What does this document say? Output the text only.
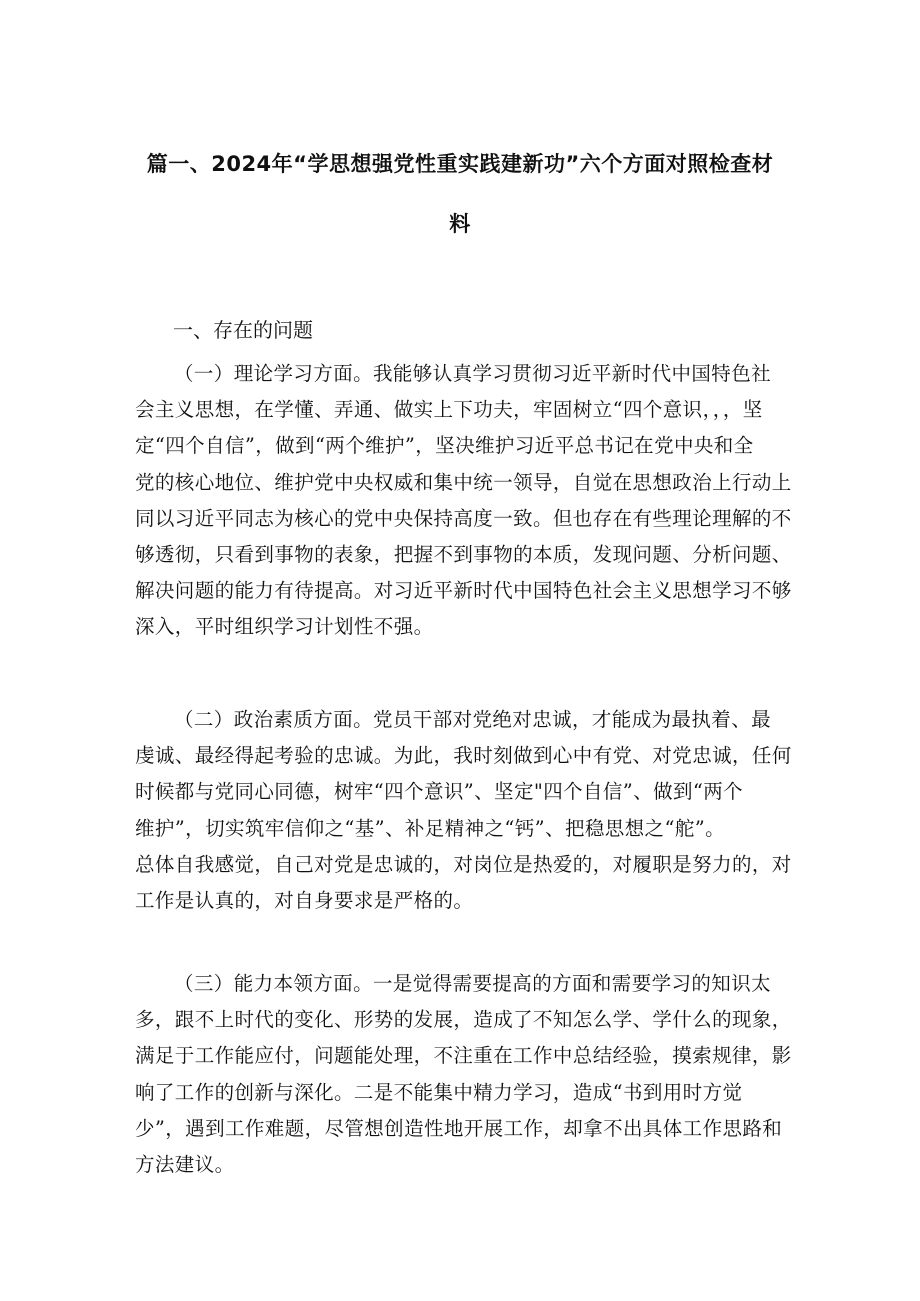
篇一、2024年“学思想强党性重实践建新功”六个方面对照检查材
料
一、存在的问题
（一）理论学习方面。我能够认真学习贯彻习近平新时代中国特色社
会主义思想，在学懂、弄通、做实上下功夫，牢固树立“四个意识，，，坚
定“四个自信”，做到“两个维护”，坚决维护习近平总书记在党中央和全
党的核心地位、维护党中央权威和集中统一领导，自觉在思想政治上行动上
同以习近平同志为核心的党中央保持高度一致。但也存在有些理论理解的不
够透彻，只看到事物的表象，把握不到事物的本质，发现问题、分析问题、
解决问题的能力有待提高。对习近平新时代中国特色社会主义思想学习不够
深入，平时组织学习计划性不强。
（二）政治素质方面。党员干部对党绝对忠诚，才能成为最执着、最
虔诚、最经得起考验的忠诚。为此，我时刻做到心中有党、对党忠诚，任何
时候都与党同心同德，树牢“四个意识”、坚定"四个自信”、做到“两个
维护”，切实筑牢信仰之“基”、补足精神之“钙”、把稳思想之“舵”。
总体自我感觉，自己对党是忠诚的，对岗位是热爱的，对履职是努力的，对
工作是认真的，对自身要求是严格的。
（三）能力本领方面。一是觉得需要提高的方面和需要学习的知识太
多，跟不上时代的变化、形势的发展，造成了不知怎么学、学什么的现象，
满足于工作能应付，问题能处理，不注重在工作中总结经验，摸索规律，影
响了工作的创新与深化。二是不能集中精力学习，造成“书到用时方觉
少”，遇到工作难题，尽管想创造性地开展工作，却拿不出具体工作思路和
方法建议。
